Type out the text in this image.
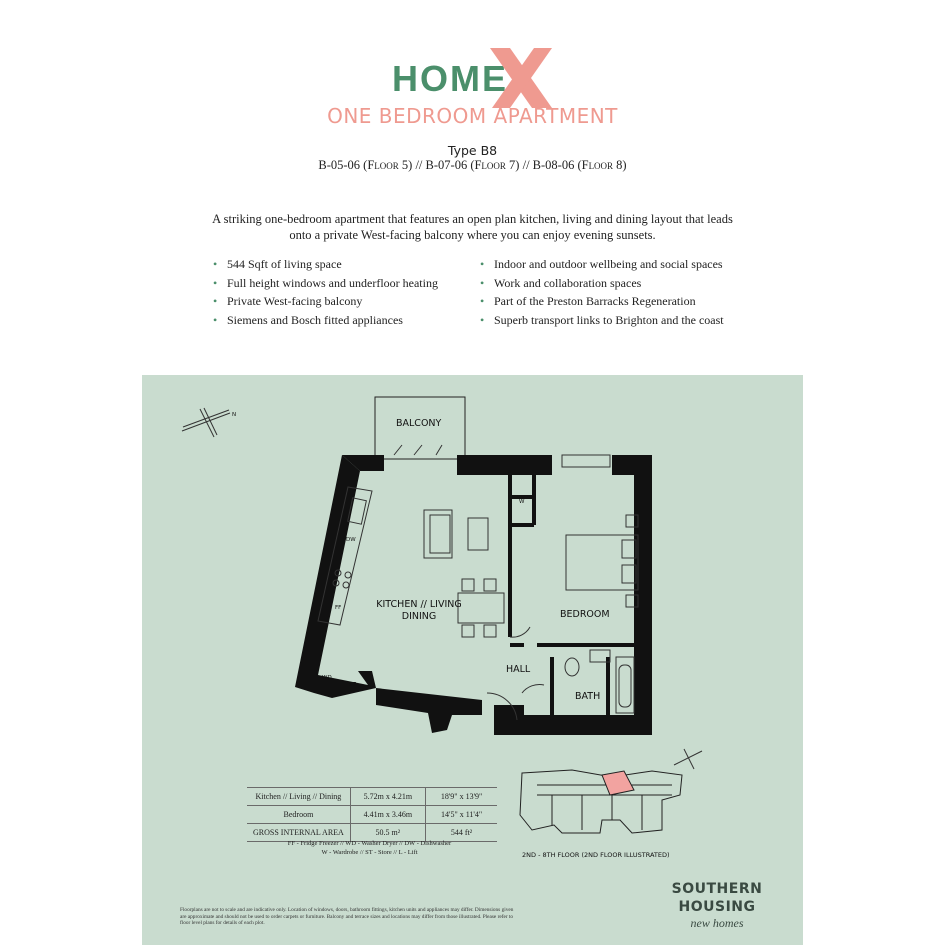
HOME
ONE BEDROOM APARTMENT
Type B8
B-05-06 (Floor 5) // B-07-06 (Floor 7) // B-08-06 (Floor 8)

A striking one-bedroom apartment that features an open plan kitchen, living and dining layout that leads onto a private West-facing balcony where you can enjoy evening sunsets.

• 544 Sqft of living space
• Full height windows and underfloor heating
• Private West-facing balcony
• Siemens and Bosch fitted appliances
• Indoor and outdoor wellbeing and social spaces
• Work and collaboration spaces
• Part of the Preston Barracks Regeneration
• Superb transport links to Brighton and the coast
BALCONY
KITCHEN // LIVING
DINING	BEDROOM
HALL
BATH
DW
FF
W
WD
ST
N
Kitchen // Living // Dining	5.72m x 4.21m	18'9" x 13'9"
Bedroom	4.41m x 3.46m	14'5" x 11'4"
GROSS INTERNAL AREA	50.5 m²	544 ft²
FF - Fridge Freezer // WD - Washer Dryer // DW - Dishwasher
W - Wardrobe // ST - Store // L - Lift	2ND - 8TH FLOOR (2ND FLOOR ILLUSTRATED)
SOUTHERN
HOUSING
new homes

Floorplans are not to scale and are indicative only. Location of windows, doors, bathroom fittings, kitchen units and appliances may differ. Dimensions given are approximate and should not be used to order carpets or furniture. Balcony and terrace sizes and locations may differ from those illustrated. Please refer to floor level plans for details of each plot.
